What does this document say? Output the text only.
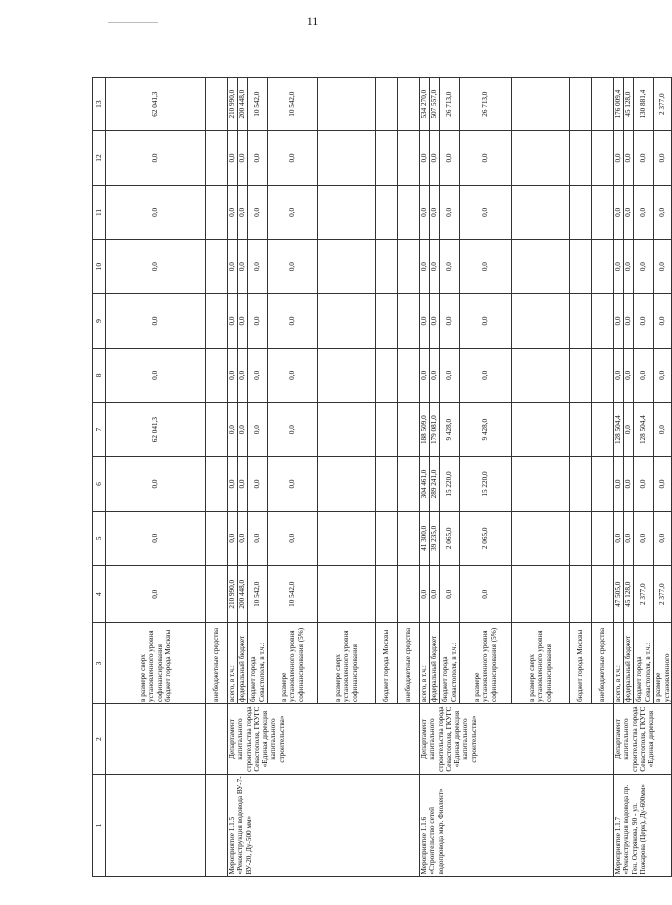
11
1	2	3	4	5	6	7	8	9	10	11	12	13
		в размере сверх установленного уровня софинансирования бюджет города Москвы	0,0	0,0	0,0	62 041,3	0,0	0,0	0,0	0,0	0,0	62 041,3
		внебюджетные средства										
Мероприятие 1.1.5 «Реконструкция водовода ВУ-7-ВУ-20, Ду-500 мм»	Департамент капитального строительства города Севастополя, ГКУГС «Единая дирекция капитального строительства»	всего, в т.ч.:	210 990,0	0,0	0,0	0,0	0,0	0,0	0,0	0,0	0,0	210 990,0
		федеральный бюджет	200 448,0	0,0	0,0	0,0	0,0	0,0	0,0	0,0	0,0	200 448,0
		бюджет города Севастополя, в т.ч.:	10 542,0	0,0	0,0	0,0	0,0	0,0	0,0	0,0	0,0	10 542,0
		в размере установленного уровня софинансирования (5%)	10 542,0	0,0	0,0	0,0	0,0	0,0	0,0	0,0	0,0	10 542,0
		в размере сверх установленного уровня софинансирования										
		бюджет города Москвы										
		внебюджетные средства										
Мероприятие 1.1.6 «Строительство сетей водопровода мкр. Фиолент»	Департамент капитального строительства города Севастополя, ГКУГС «Единая дирекция капитального строительства»	всего, в т.ч.:	0,0	41 300,0	304 461,0	188 509,0	0,0	0,0	0,0	0,0	0,0	534 270,0
		федеральный бюджет	0,0	39 235,0	289 241,0	179 081,0	0,0	0,0	0,0	0,0	0,0	507 557,0
		бюджет города Севастополя, в т.ч.:	0,0	2 065,0	15 220,0	9 428,0	0,0	0,0	0,0	0,0	0,0	26 713,0
		в размере установленного уровня софинансирования (5%)	0,0	2 065,0	15 220,0	9 428,0	0,0	0,0	0,0	0,0	0,0	26 713,0
		в размере сверх установленного уровня софинансирования										
		бюджет города Москвы										
		внебюджетные средства										
Мероприятие 1.1.7 «Реконструкция водовода пр. Ген. Острякова, 90 - ул. Пожарова (Церк), Ду-600мм»	Департамент капитального строительства города Севастополя, ГКУГС «Единая дирекция	всего, в т.ч.:	47 505,0	0,0	0,0	128 504,4	0,0	0,0	0,0	0,0	0,0	176 009,4
		федеральный бюджет	45 128,0	0,0	0,0	0,0	0,0	0,0	0,0	0,0	0,0	45 128,0
		бюджет города Севастополя, в т.ч.:	2 377,0	0,0	0,0	128 504,4	0,0	0,0	0,0	0,0	0,0	130 881,4
		в размере установленного	2 377,0	0,0	0,0	0,0	0,0	0,0	0,0	0,0	0,0	2 377,0
